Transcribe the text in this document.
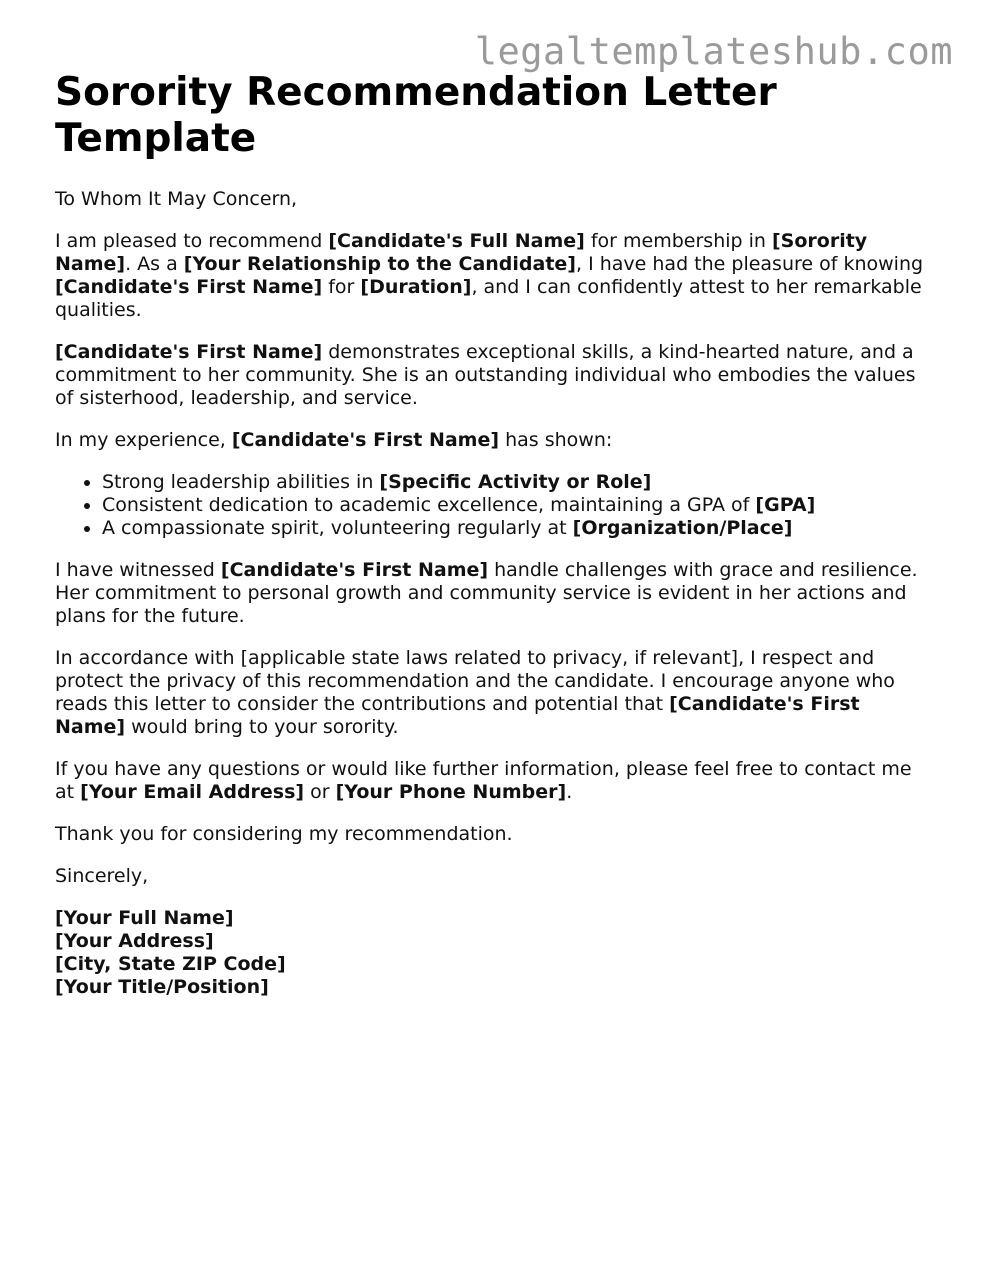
legaltemplateshub.com
Sorority Recommendation Letter Template

To Whom It May Concern,

I am pleased to recommend [Candidate's Full Name] for membership in [Sorority Name]. As a [Your Relationship to the Candidate], I have had the pleasure of knowing [Candidate's First Name] for [Duration], and I can confidently attest to her remarkable qualities.

[Candidate's First Name] demonstrates exceptional skills, a kind-hearted nature, and a commitment to her community. She is an outstanding individual who embodies the values of sisterhood, leadership, and service.

In my experience, [Candidate's First Name] has shown:

• Strong leadership abilities in [Specific Activity or Role]
• Consistent dedication to academic excellence, maintaining a GPA of [GPA]
• A compassionate spirit, volunteering regularly at [Organization/Place]

I have witnessed [Candidate's First Name] handle challenges with grace and resilience. Her commitment to personal growth and community service is evident in her actions and plans for the future.

In accordance with [applicable state laws related to privacy, if relevant], I respect and protect the privacy of this recommendation and the candidate. I encourage anyone who reads this letter to consider the contributions and potential that [Candidate's First Name] would bring to your sorority.

If you have any questions or would like further information, please feel free to contact me at [Your Email Address] or [Your Phone Number].

Thank you for considering my recommendation.

Sincerely,

[Your Full Name]
[Your Address]
[City, State ZIP Code]
[Your Title/Position]
